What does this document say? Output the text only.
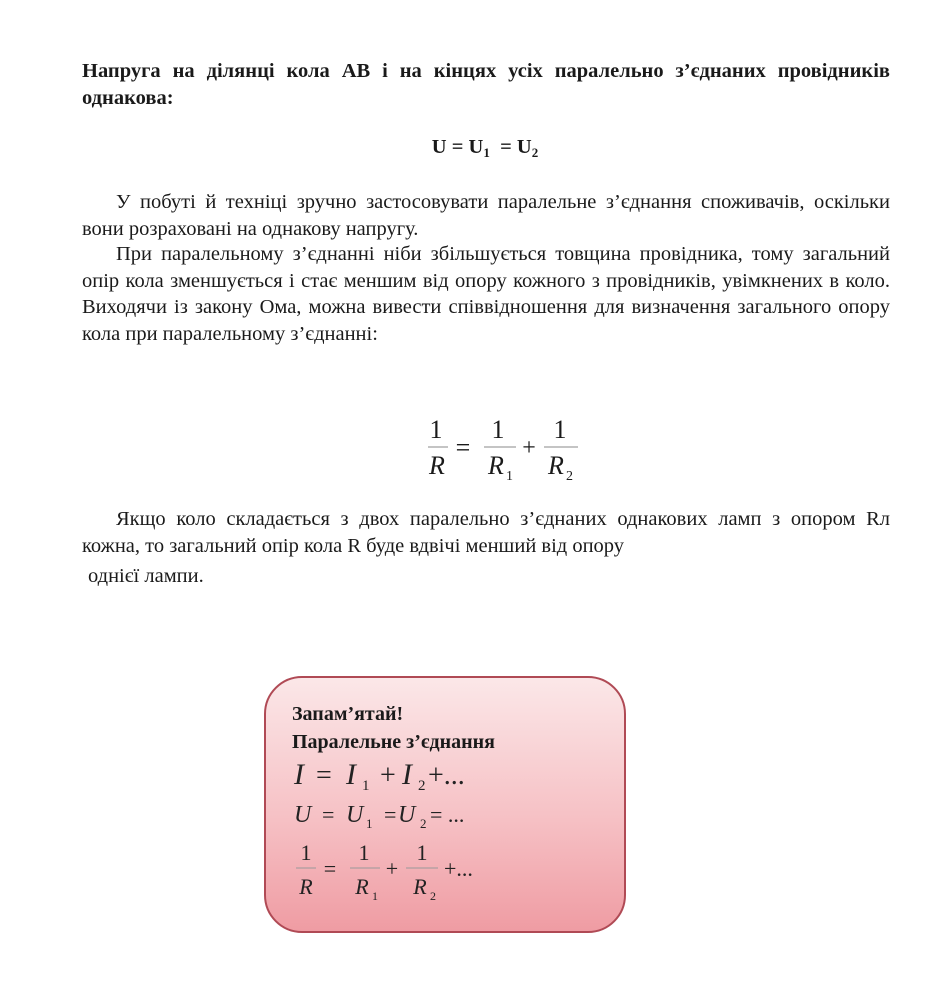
Напруга на ділянці кола АВ і на кінцях усіх паралельно з’єднаних провідників однакова:
$U = U_1 = U_2$
У побуті й техніці зручно застосовувати паралельне з’єднання споживачів, оскільки вони розраховані на однакову напругу.
При паралельному з’єднанні ніби збільшується товщина провідника, тому загальний опір кола зменшується і стає меншим від опору кожного з провідників, увімкнених в коло. Виходячи із закону Ома, можна вивести співвідношення для визначення загального опору кола при паралельному з’єднанні:
1
R
=
1
R 1
+
1
R 2
Якщо коло складається з двох паралельно з’єднаних однакових ламп з опором Rл кожна, то загальний опір кола R буде вдвічі менший від опору
однієї лампи.
Запам’ятай!
Паралельне з’єднання
I = I 1 + I 2 +...
U = U 1 = U 2 = ...
1
R
=
1
R 1
+
1
R 2
+...
